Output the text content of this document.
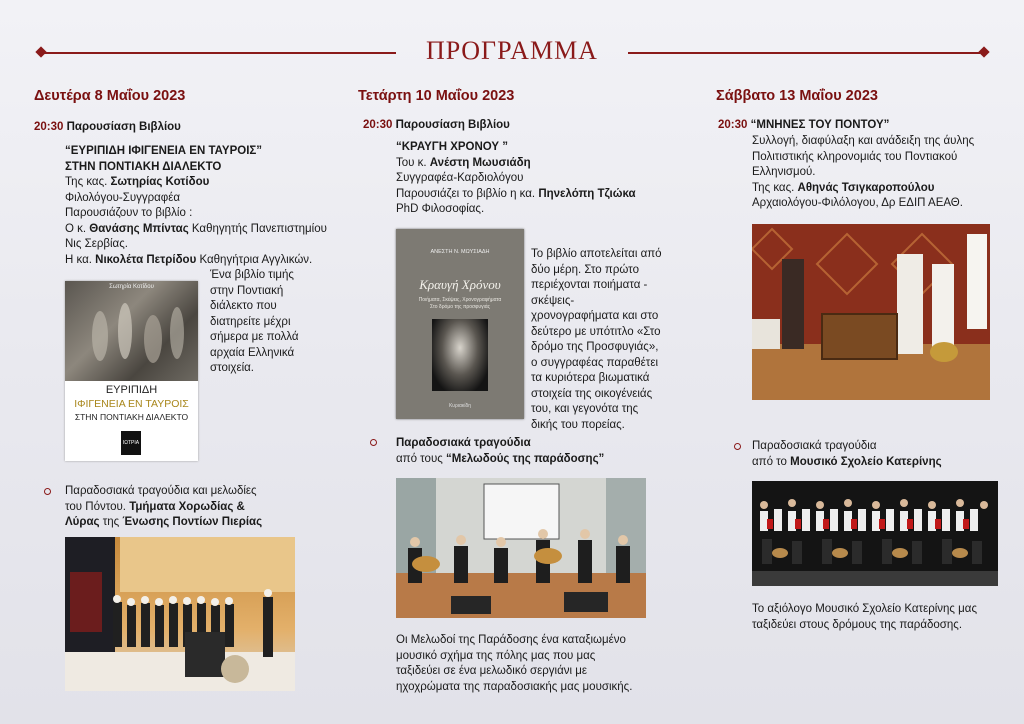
ΠΡΟΓΡΑΜΜΑ
Δευτέρα 8 Μαΐου 2023
20:30 Παρουσίαση Βιβλίου
“ΕΥΡΙΠΙΔΗ ΙΦΙΓΕΝΕΙΑ ΕΝ ΤΑΥΡΟΙΣ”
ΣΤΗΝ ΠΟΝΤΙΑΚΗ ΔΙΑΛΕΚΤΟ
Της κας. Σωτηρίας Κοτίδου
Φιλολόγου-Συγγραφέα
Παρουσιάζουν το βιβλίο :
Ο κ. Θανάσης Μπίντας Καθηγητής Πανεπιστημίου
Νις Σερβίας.
Η κα. Νικολέτα Πετρίδου Καθηγήτρια Αγγλικών.
Σωτηρία Κοτίδου
ΕΥΡΙΠΙΔΗ
ΙΦΙΓΕΝΕΙΑ ΕΝ ΤΑΥΡΟΙΣ
ΣΤΗΝ ΠΟΝΤΙΑΚΗ ΔΙΑΛΕΚΤΟ
ΙΩΤΡΙΑ
Ένα βιβλίο τιμής
στην Ποντιακή
διάλεκτο που
διατηρείτε μέχρι
σήμερα με πολλά
αρχαία Ελληνικά
στοιχεία.
Παραδοσιακά τραγούδια και μελωδίες
του Πόντου. Τμήματα Χορωδίας &
Λύρας της Ένωσης Ποντίων Πιερίας
Τετάρτη 10 Μαΐου 2023
20:30 Παρουσίαση Βιβλίου
“ΚΡΑΥΓΗ ΧΡΟΝΟΥ ”
Του κ. Ανέστη Μωυσιάδη
Συγγραφέα-Καρδιολόγου
Παρουσιάζει το βιβλίο η κα. Πηνελόπη Τζιώκα
PhD Φιλοσοφίας.
ΑΝΕΣΤΗ Ν. ΜΩΥΣΙΑΔΗ
Κραυγή Χρόνου
Ποιήματα, Σκέψεις, Χρονογραφήματα
Στο δρόμο της προσφυγιάς
Κυριακίδη
Το βιβλίο αποτελείται από
δύο μέρη. Στο πρώτο
περιέχονται ποιήματα -
σκέψεις-
χρονογραφήματα και στο
δεύτερο με υπότιτλο «Στο
δρόμο της Προσφυγιάς»,
ο συγγραφέας παραθέτει
τα κυριότερα βιωματικά
στοιχεία της οικογένειάς
του, και γεγονότα της
δικής του πορείας.
Παραδοσιακά τραγούδια
από τους “Μελωδούς της παράδοσης”
Οι Μελωδοί της Παράδοσης ένα καταξιωμένο
μουσικό σχήμα της πόλης μας που μας
ταξιδεύει σε ένα μελωδικό σεργιάνι με
ηχοχρώματα της παραδοσιακής μας μουσικής.
Σάββατο 13 Μαΐου 2023
20:30 “ΜΝΗΝΕΣ ΤΟΥ ΠΟΝΤΟΥ”
Συλλογή, διαφύλαξη και ανάδειξη της άυλης
Πολιτιστικής κληρονομιάς του Ποντιακού
Ελληνισμού.
Της κας. Αθηνάς Τσιγκαροπούλου
Αρχαιολόγου-Φιλόλογου, Δρ ΕΔΙΠ ΑΕΑΘ.
Παραδοσιακά τραγούδια
από το Μουσικό Σχολείο Κατερίνης
Το αξιόλογο Μουσικό Σχολείο Κατερίνης μας
ταξιδεύει στους δρόμους της παράδοσης.
